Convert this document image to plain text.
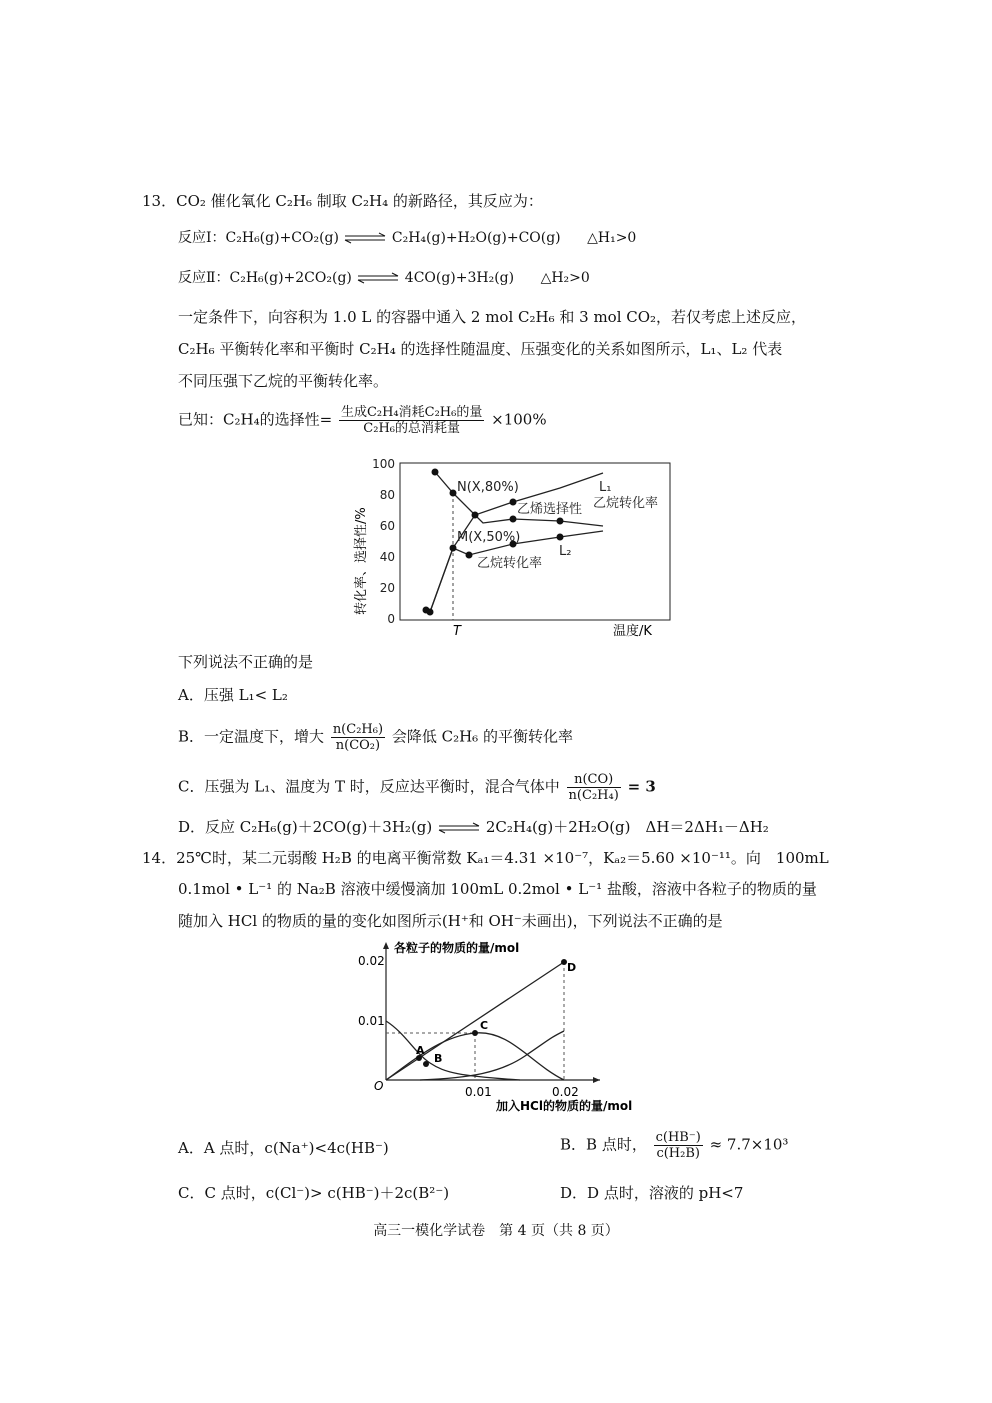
13．CO₂ 催化氧化 C₂H₆ 制取 C₂H₄ 的新路径，其反应为：
反应Ⅰ：C₂H₆(g)+CO₂(g) ⇌ C₂H₄(g)+H₂O(g)+CO(g) △H₁>0
反应Ⅱ：C₂H₆(g)+2CO₂(g) ⇌ 4CO(g)+3H₂(g) △H₂>0
一定条件下，向容积为 1.0 L 的容器中通入 2 mol C₂H₆ 和 3 mol CO₂，若仅考虑上述反应，
C₂H₆ 平衡转化率和平衡时 C₂H₄ 的选择性随温度、压强变化的关系如图所示，L₁、L₂ 代表
不同压强下乙烷的平衡转化率。
已知：C₂H₄的选择性= $\frac{\text{生成C₂H₄消耗C₂H₆的量}}{\text{C₂H₆的总消耗量}} \times 100\%$
100
80
60
40
20
0
转化率、选择性/%
温度/K
T
N(X,80%)
M(X,50%)
乙烯选择性
L₁
乙烷转化率
L₂
乙烷转化率
下列说法不正确的是
A．压强 L₁< L₂
B．一定温度下，增大 $\frac{\text{n(C₂H₆)}}{\text{n(CO₂)}}$ 会降低 C₂H₆ 的平衡转化率
C．压强为 L₁、温度为 T 时，反应达平衡时，混合气体中 $\frac{n(CO)}{\text{n(C₂H₄)}} = 3$
D．反应 C₂H₆(g)＋2CO(g)＋3H₂(g) ⇌ 2C₂H₄(g)＋2H₂O(g)　ΔH＝2ΔH₁－ΔH₂
14．25℃时，某二元弱酸 H₂B 的电离平衡常数 Kₐ₁＝4.31 ×10⁻⁷，Kₐ₂＝5.60 ×10⁻¹¹。向　100mL
0.1mol • L⁻¹ 的 Na₂B 溶液中缓慢滴加 100mL 0.2mol • L⁻¹ 盐酸，溶液中各粒子的物质的量
随加入 HCl 的物质的量的变化如图所示(H⁺和 OH⁻未画出)，下列说法不正确的是
各粒子的物质的量/mol
加入HCl的物质的量/mol
O
0.02
0.01
0.01	0.02
A
B
C
D
A．A 点时，c(Na⁺)<4c(HB⁻)	B．B 点时， $\frac{c(HB^-)}{\text{c(H₂B)}} \approx 7.7\times 10^3$
C．C 点时，c(Cl⁻)> c(HB⁻)＋2c(B²⁻)	D．D 点时，溶液的 pH<7
高三一模化学试卷　第 4 页（共 8 页）
